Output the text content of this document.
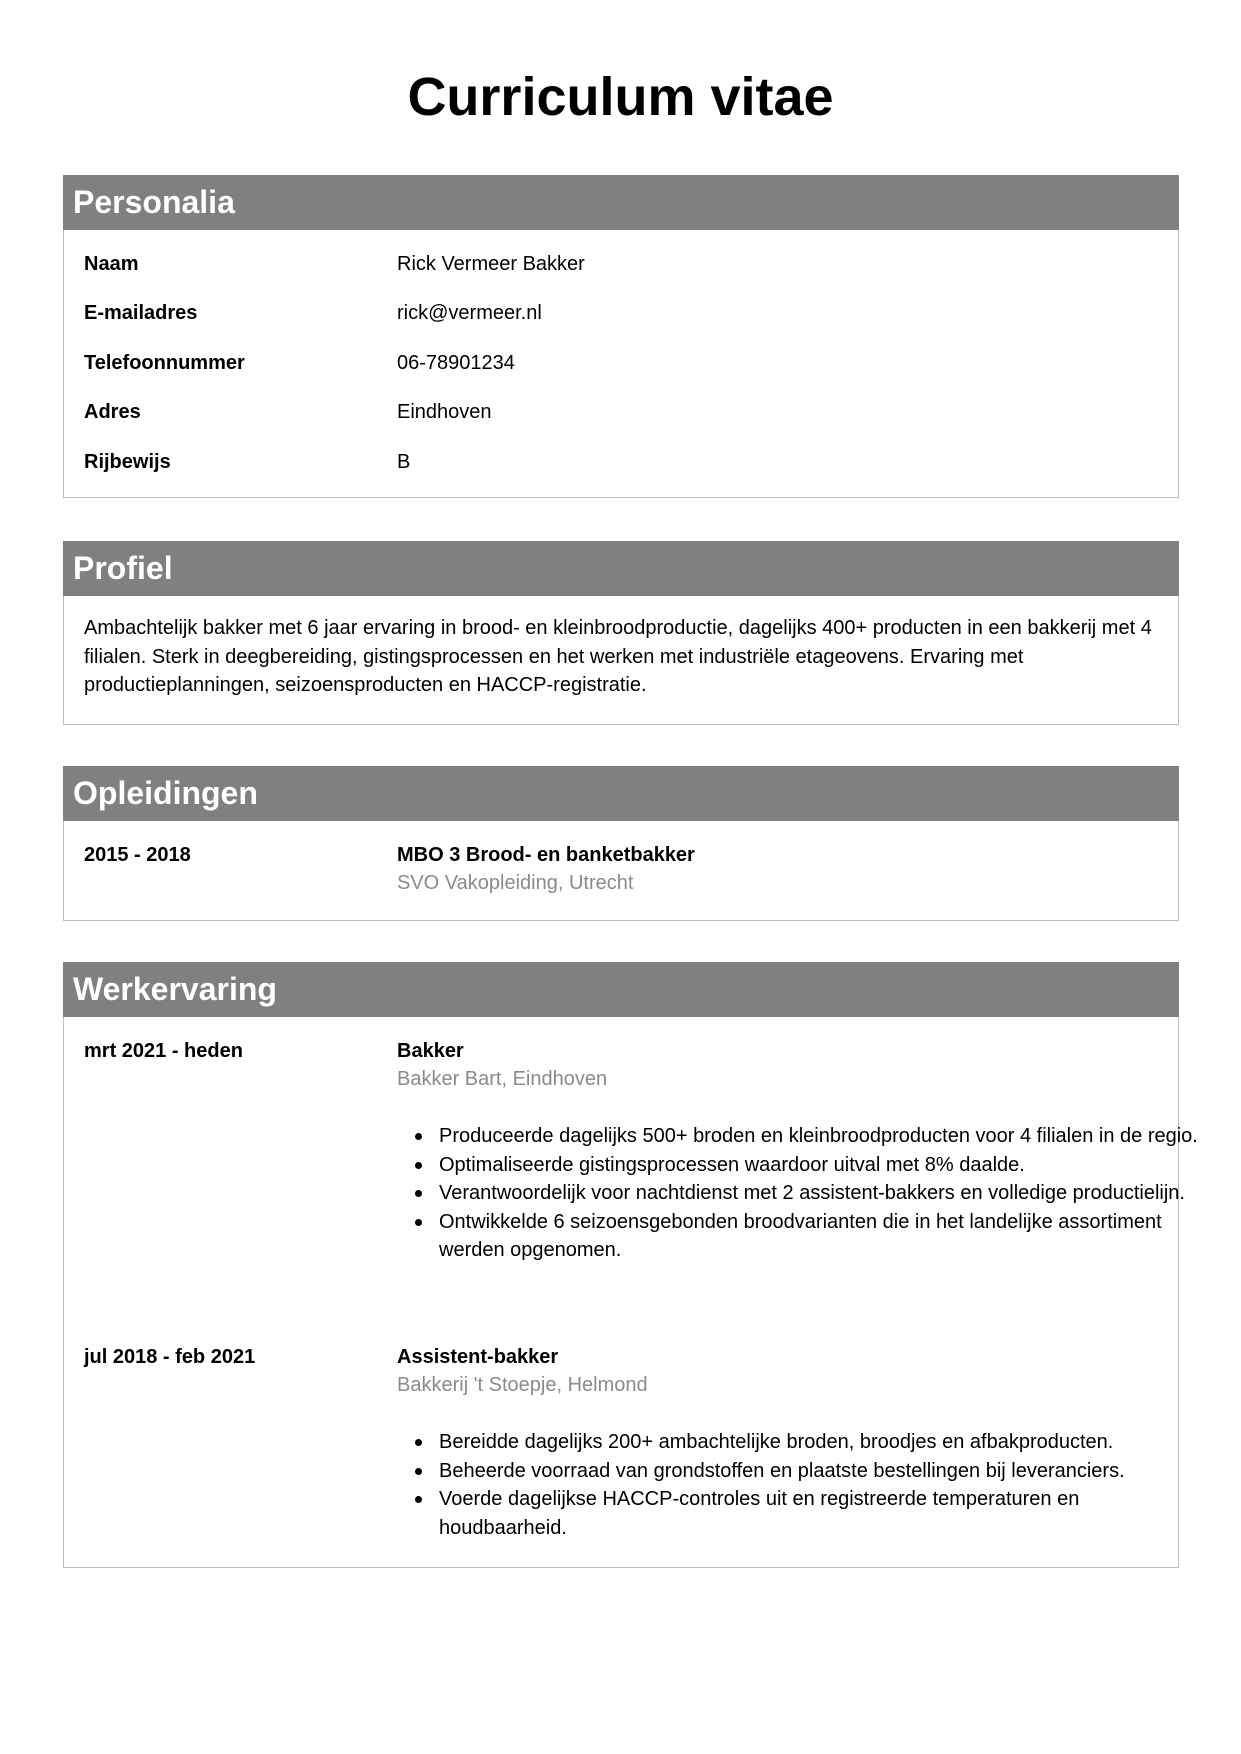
Curriculum vitae
Personalia
Naam	Rick Vermeer Bakker
E-mailadres	rick@vermeer.nl
Telefoonnummer	06-78901234
Adres	Eindhoven
Rijbewijs	B
Profiel
Ambachtelijk bakker met 6 jaar ervaring in brood- en kleinbroodproductie, dagelijks 400+ producten in een bakkerij met 4 filialen. Sterk in deegbereiding, gistingsprocessen en het werken met industriële etageovens. Ervaring met productieplanningen, seizoensproducten en HACCP-registratie.
Opleidingen
2015 - 2018	MBO 3 Brood- en banketbakker
SVO Vakopleiding, Utrecht
Werkervaring
mrt 2021 - heden	Bakker
Bakker Bart, Eindhoven
Produceerde dagelijks 500+ broden en kleinbroodproducten voor 4 filialen in de regio.
Optimaliseerde gistingsprocessen waardoor uitval met 8% daalde.
Verantwoordelijk voor nachtdienst met 2 assistent-bakkers en volledige productielijn.
Ontwikkelde 6 seizoensgebonden broodvarianten die in het landelijke assortiment werden opgenomen.
jul 2018 - feb 2021	Assistent-bakker
Bakkerij 't Stoepje, Helmond
Bereidde dagelijks 200+ ambachtelijke broden, broodjes en afbakproducten.
Beheerde voorraad van grondstoffen en plaatste bestellingen bij leveranciers.
Voerde dagelijkse HACCP-controles uit en registreerde temperaturen en houdbaarheid.
